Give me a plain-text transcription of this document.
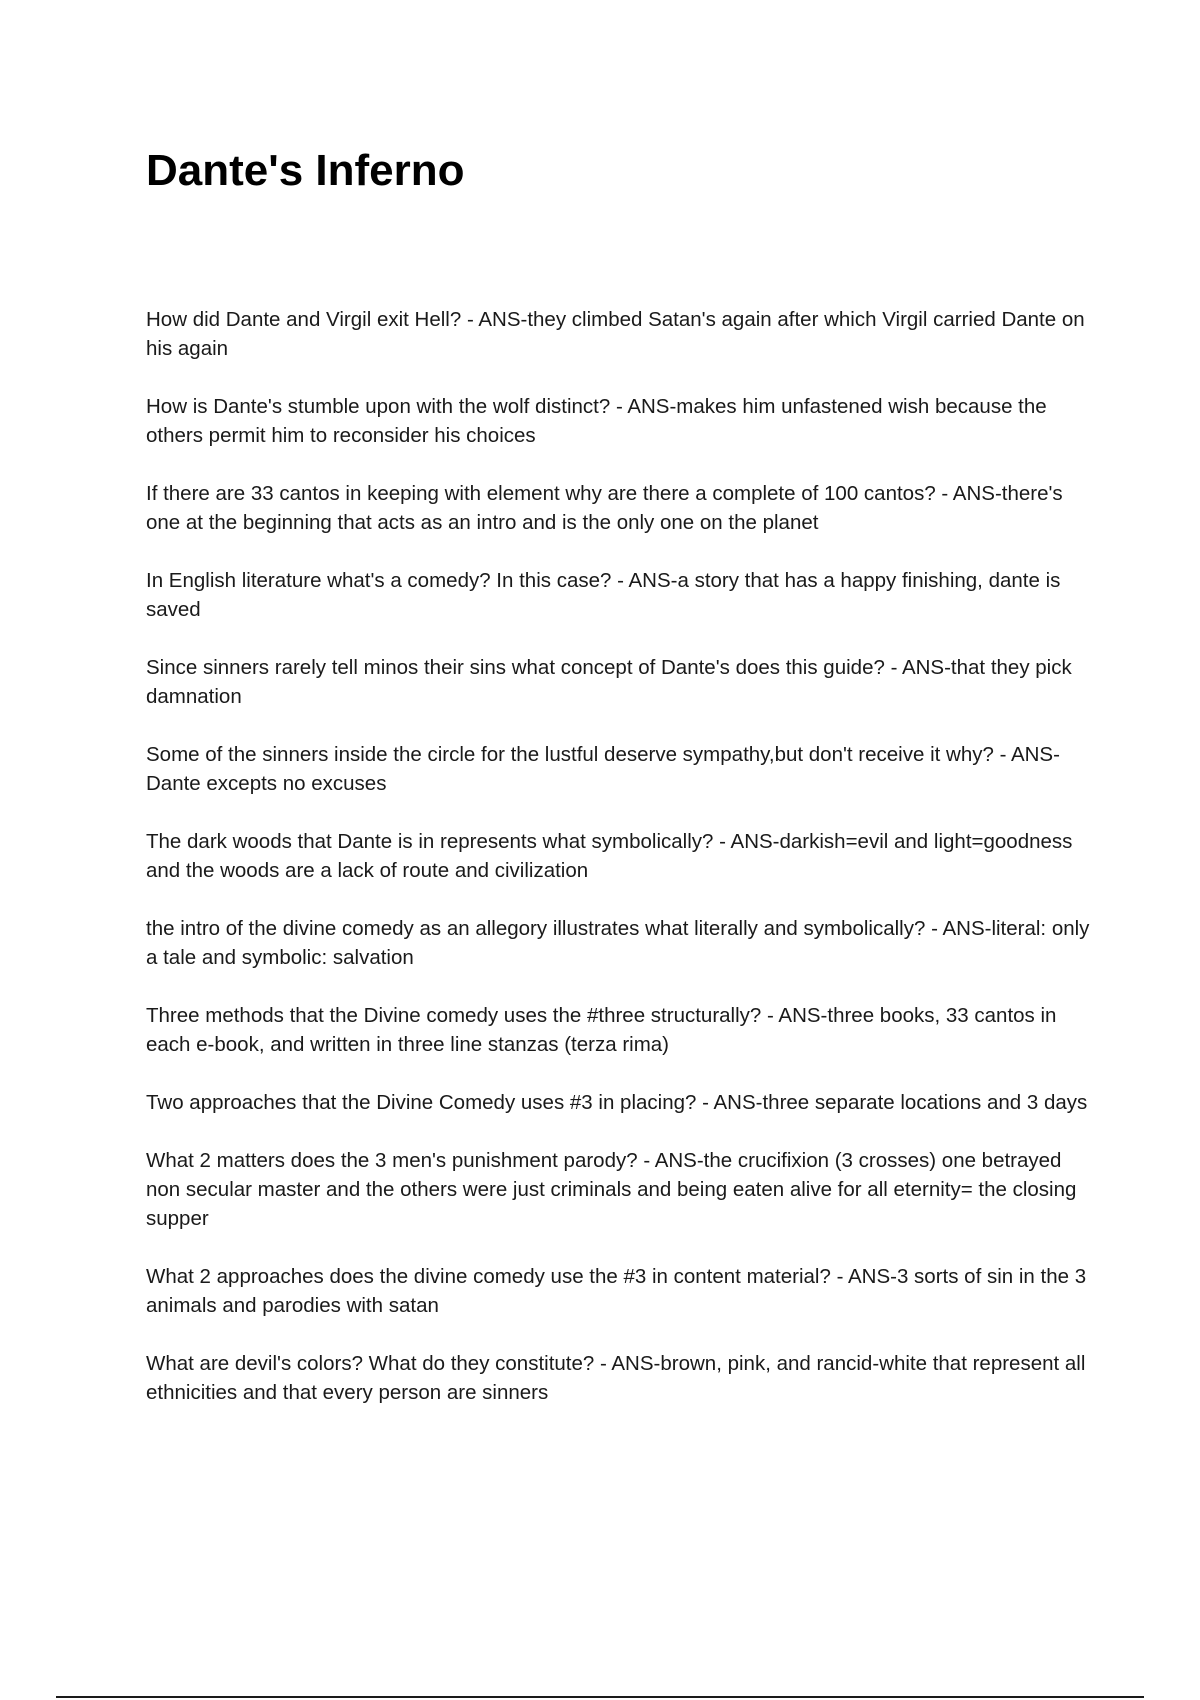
Dante's Inferno

How did Dante and Virgil exit Hell? - ANS-they climbed Satan's again after which Virgil carried Dante on his again

How is Dante's stumble upon with the wolf distinct? - ANS-makes him unfastened wish because the others permit him to reconsider his choices

If there are 33 cantos in keeping with element why are there a complete of 100 cantos? - ANS-there's one at the beginning that acts as an intro and is the only one on the planet

In English literature what's a comedy? In this case? - ANS-a story that has a happy finishing, dante is saved

Since sinners rarely tell minos their sins what concept of Dante's does this guide? - ANS-that they pick damnation

Some of the sinners inside the circle for the lustful deserve sympathy,but don't receive it why? - ANS-Dante excepts no excuses

The dark woods that Dante is in represents what symbolically? - ANS-darkish=evil and light=goodness and the woods are a lack of route and civilization

the intro of the divine comedy as an allegory illustrates what literally and symbolically? - ANS-literal: only a tale and symbolic: salvation

Three methods that the Divine comedy uses the #three structurally? - ANS-three books, 33 cantos in each e-book, and written in three line stanzas (terza rima)

Two approaches that the Divine Comedy uses #3 in placing? - ANS-three separate locations and 3 days

What 2 matters does the 3 men's punishment parody? - ANS-the crucifixion (3 crosses) one betrayed non secular master and the others were just criminals and being eaten alive for all eternity= the closing supper

What 2 approaches does the divine comedy use the #3 in content material? - ANS-3 sorts of sin in the 3 animals and parodies with satan

What are devil's colors? What do they constitute? - ANS-brown, pink, and rancid-white that represent all ethnicities and that every person are sinners
